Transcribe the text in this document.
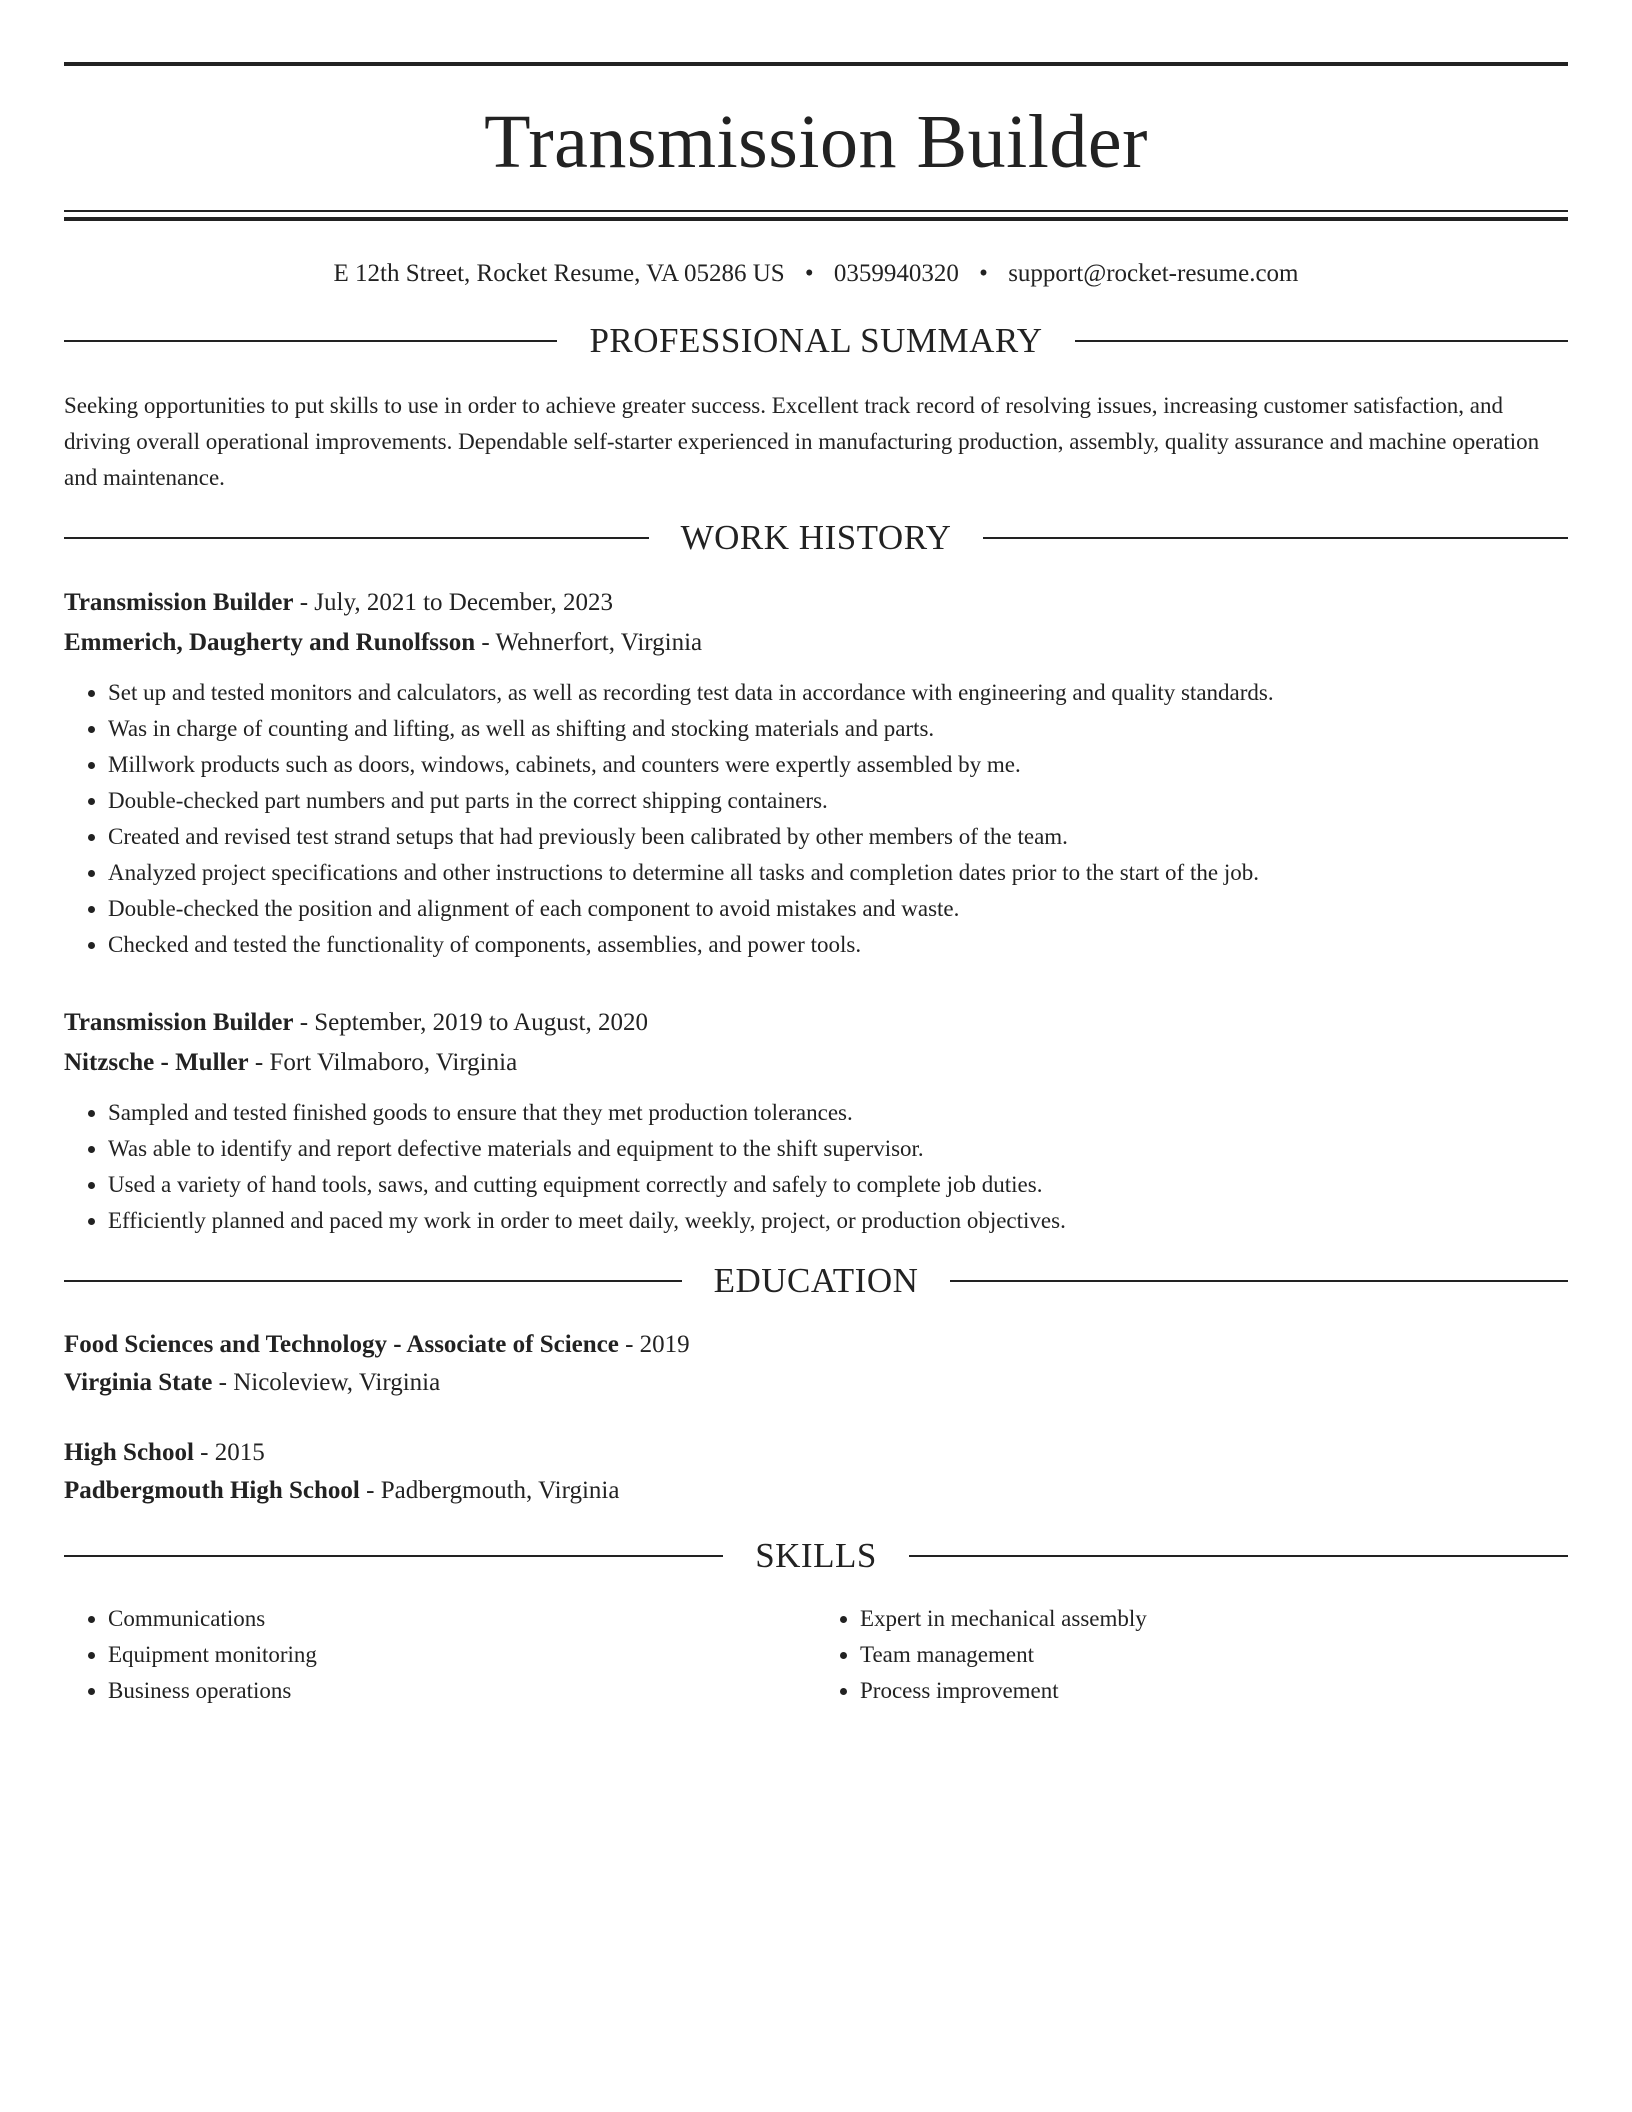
Transmission Builder
E 12th Street, Rocket Resume, VA 05286 US • 0359940320 • support@rocket-resume.com
PROFESSIONAL SUMMARY
Seeking opportunities to put skills to use in order to achieve greater success. Excellent track record of resolving issues, increasing customer satisfaction, and driving overall operational improvements. Dependable self-starter experienced in manufacturing production, assembly, quality assurance and machine operation and maintenance.
WORK HISTORY
Transmission Builder - July, 2021 to December, 2023
Emmerich, Daugherty and Runolfsson - Wehnerfort, Virginia
• Set up and tested monitors and calculators, as well as recording test data in accordance with engineering and quality standards.
• Was in charge of counting and lifting, as well as shifting and stocking materials and parts.
• Millwork products such as doors, windows, cabinets, and counters were expertly assembled by me.
• Double-checked part numbers and put parts in the correct shipping containers.
• Created and revised test strand setups that had previously been calibrated by other members of the team.
• Analyzed project specifications and other instructions to determine all tasks and completion dates prior to the start of the job.
• Double-checked the position and alignment of each component to avoid mistakes and waste.
• Checked and tested the functionality of components, assemblies, and power tools.
Transmission Builder - September, 2019 to August, 2020
Nitzsche - Muller - Fort Vilmaboro, Virginia
• Sampled and tested finished goods to ensure that they met production tolerances.
• Was able to identify and report defective materials and equipment to the shift supervisor.
• Used a variety of hand tools, saws, and cutting equipment correctly and safely to complete job duties.
• Efficiently planned and paced my work in order to meet daily, weekly, project, or production objectives.
EDUCATION
Food Sciences and Technology - Associate of Science - 2019
Virginia State - Nicoleview, Virginia
High School - 2015
Padbergmouth High School - Padbergmouth, Virginia
SKILLS
• Communications
• Equipment monitoring
• Business operations
• Expert in mechanical assembly
• Team management
• Process improvement
